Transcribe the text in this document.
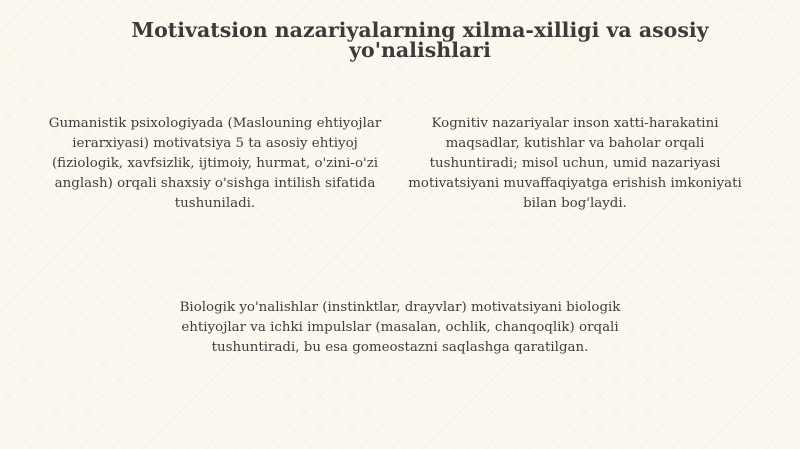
Motivatsion nazariyalarning xilma-xilligi va asosiy yo'nalishlari

Gumanistik psixologiyada (Maslouning ehtiyojlar ierarxiyasi) motivatsiya 5 ta asosiy ehtiyoj (fiziologik, xavfsizlik, ijtimoiy, hurmat, o'zini-o'zi anglash) orqali shaxsiy o'sishga intilish sifatida tushuniladi.

Kognitiv nazariyalar inson xatti-harakatini maqsadlar, kutishlar va baholar orqali tushuntiradi; misol uchun, umid nazariyasi motivatsiyani muvaffaqiyatga erishish imkoniyati bilan bog'laydi.

Biologik yo'nalishlar (instinktlar, drayvlar) motivatsiyani biologik ehtiyojlar va ichki impulslar (masalan, ochlik, chanqoqlik) orqali tushuntiradi, bu esa gomeostazni saqlashga qaratilgan.
